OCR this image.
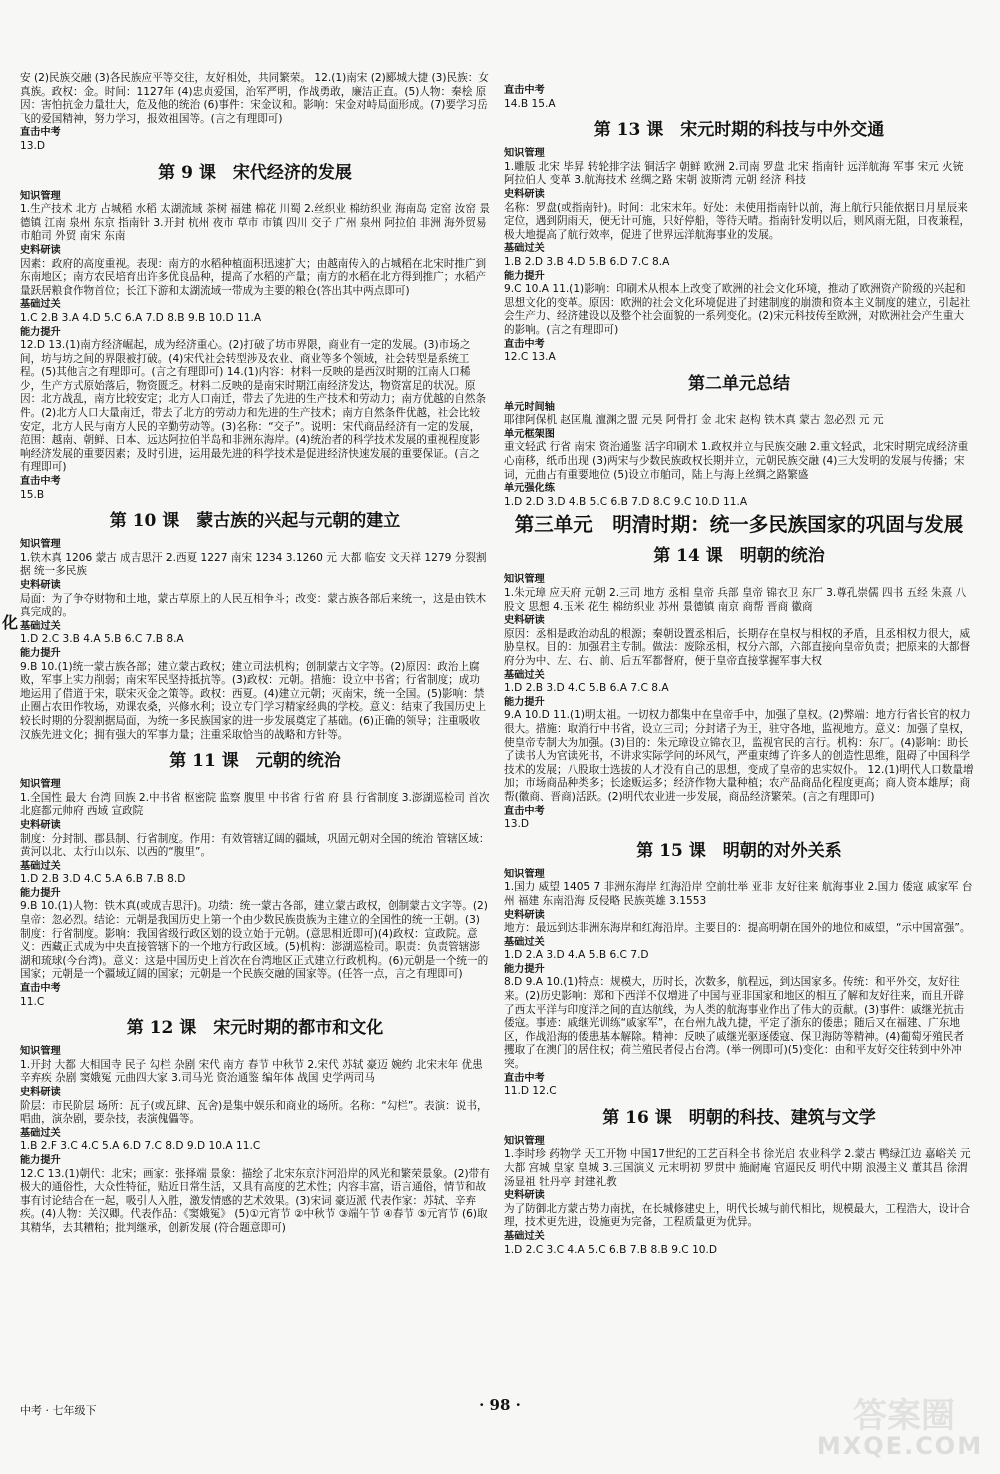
安 (2)民族交融 (3)各民族应平等交往，友好相处，共同繁荣。 12.(1)南宋 (2)郾城大捷 (3)民族：女真族。政权：金。时间：1127年 (4)忠贞爱国，治军严明，作战勇敢，廉洁正直。(5)人物：秦桧 原因：害怕抗金力量壮大，危及他的统治 (6)事件：宋金议和。影响：宋金对峙局面形成。(7)要学习岳飞的爱国精神，努力学习，报效祖国等。(言之有理即可)

直击中考

13.D

第 9 课　宋代经济的发展
知识管理

1.生产技术 北方 占城稻 水稻 太湖流域 茶树 福建 棉花 川蜀 2.丝织业 棉纺织业 海南岛 定窑 汝窑 景德镇 江南 泉州 东京 指南针 3.开封 杭州 夜市 草市 市镇 四川 交子 广州 泉州 阿拉伯 非洲 海外贸易 市舶司 外贸 南宋 东南

史料研读

因素：政府的高度重视。表现：南方的水稻种植面积迅速扩大；由越南传入的占城稻在北宋时推广到东南地区；南方农民培育出许多优良品种，提高了水稻的产量；南方的水稻在北方得到推广；水稻产量跃居粮食作物首位；长江下游和太湖流域一带成为主要的粮仓(答出其中两点即可)

基础过关

1.C 2.B 3.A 4.D 5.C 6.A 7.D 8.B 9.B 10.D 11.A

能力提升

12.D 13.(1)南方经济崛起，成为经济重心。(2)打破了坊市界限，商业有一定的发展。(3)市场之间，坊与坊之间的界限被打破。(4)宋代社会转型涉及农业、商业等多个领域，社会转型是系统工程。(5)其他言之有理即可。(言之有理即可) 14.(1)内容：材料一反映的是西汉时期的江南人口稀少，生产方式原始落后，物资匮乏。材料二反映的是南宋时期江南经济发达，物资富足的状况。原因：北方战乱，南方比较安定；北方人口南迁，带去了先进的生产技术和劳动力；南方优越的自然条件。(2)北方人口大量南迁，带去了北方的劳动力和先进的生产技术；南方自然条件优越，社会比较安定，北方人民与南方人民的辛勤劳动等。(3)名称：“交子”。说明：宋代商品经济有一定的发展，范围：越南、朝鲜、日本、远达阿拉伯半岛和非洲东海岸。(4)统治者的科学技术发展的重视程度影响经济发展的重要因素；及时引进，运用最先进的科学技术是促进经济快速发展的重要保证。(言之有理即可)

直击中考

15.B

第 10 课　蒙古族的兴起与元朝的建立
知识管理

1.铁木真 1206 蒙古 成吉思汗 2.西夏 1227 南宋 1234 3.1260 元 大都 临安 文天祥 1279 分裂割据 统一多民族

史料研读

局面：为了争夺财物和土地，蒙古草原上的人民互相争斗；改变：蒙古族各部后来统一，这是由铁木真完成的。

基础过关

1.D 2.C 3.B 4.A 5.B 6.C 7.B 8.A

能力提升

9.B 10.(1)统一蒙古族各部；建立蒙古政权；建立司法机构；创制蒙古文字等。(2)原因：政治上腐败，军事上实力削弱；南宋军民坚持抵抗等。(3)政权：元朝。措施：设立中书省；行省制度；成功地运用了借道于宋，联宋灭金之策等。政权：西夏。(4)建立元朝；灭南宋，统一全国。(5)影响：禁止圈占农田作牧场，劝课农桑，兴修水利；设立专门学习精家经典的学校。意义：结束了我国历史上较长时期的分裂割据局面，为统一多民族国家的进一步发展奠定了基础。(6)正确的领导；注重吸收汉族先进文化；拥有强大的军事力量；注重采取恰当的战略和方针等。

第 11 课　元朝的统治
知识管理

1.全国性 最大 台湾 回族 2.中书省 枢密院 监察 腹里 中书省 行省 府 县 行省制度 3.澎湖巡检司 首次 北庭都元帅府 西域 宣政院

史料研读

制度：分封制、郡县制、行省制度。作用：有效管辖辽阔的疆域，巩固元朝对全国的统治 管辖区域：黄河以北、太行山以东、以西的“腹里”。

基础过关

1.D 2.B 3.D 4.C 5.A 6.B 7.B 8.D

能力提升

9.B 10.(1)人物：铁木真(或成吉思汗)。功绩：统一蒙古各部，建立蒙古政权，创制蒙古文字等。(2)皇帝：忽必烈。结论：元朝是我国历史上第一个由少数民族贵族为主建立的全国性的统一王朝。(3)制度：行省制度。影响：我国省级行政区划的设立始于元朝。(意思相近即可)(4)政权：宣政院。意义：西藏正式成为中央直接管辖下的一个地方行政区域。(5)机构：澎湖巡检司。职责：负责管辖澎湖和琉球(今台湾)。意义：这是中国历史上首次在台湾地区正式建立行政机构。(6)元朝是一个统一的国家；元朝是一个疆域辽阔的国家；元朝是一个民族交融的国家等。(任答一点，言之有理即可)

直击中考

11.C

第 12 课　宋元时期的都市和文化
知识管理

1.开封 大都 大相国寺 民子 勾栏 杂剧 宋代 南方 春节 中秋节 2.宋代 苏轼 豪迈 婉约 北宋末年 优患 辛弃疾 杂剧 窦娥冤 元曲四大家 3.司马光 资治通鉴 编年体 战国 史学两司马

史料研读

阶层：市民阶层 场所：瓦子(或瓦肆、瓦舍)是集中娱乐和商业的场所。名称：“勾栏”。表演：说书，唱曲，演杂剧，要杂技，表演傀儡等。

基础过关

1.B 2.F 3.C 4.C 5.A 6.D 7.C 8.D 9.D 10.A 11.C

能力提升

12.C 13.(1)朝代：北宋；画家：张择端 景象：描绘了北宋东京汴河沿岸的风光和繁荣景象。(2)带有极大的通俗性，大众性特征，贴近日常生活，又具有高度的艺术性；内容丰富，语言通俗，情节和故事有讨论结合在一起，吸引人入胜，激发情感的艺术效果。(3)宋词 豪迈派 代表作家：苏轼、辛弃疾。(4)人物：关汉卿。代表作品：《窦娥冤》 (5)①元宵节 ②中秋节 ③端午节 ④春节 ⑤元宵节 (6)取其精华，去其糟粕；批判继承，创新发展 (符合题意即可)

直击中考

14.B 15.A

第 13 课　宋元时期的科技与中外交通
知识管理

1.雕版 北宋 毕昇 转轮排字法 铜活字 朝鲜 欧洲 2.司南 罗盘 北宋 指南针 远洋航海 军事 宋元 火铳 阿拉伯人 变革 3.航海技术 丝绸之路 宋朝 波斯湾 元朝 经济 科技

史料研读

名称：罗盘(或指南针)。时间：北宋末年。好处：未使用指南针以前，海上航行只能依据日月星辰来定位，遇到阴雨天，便无计可施，只好停船，等待天晴。指南针发明以后，则风雨无阻，日夜兼程，极大地提高了航行效率，促进了世界远洋航海事业的发展。

基础过关

1.B 2.D 3.B 4.D 5.B 6.D 7.C 8.A

能力提升

9.C 10.A 11.(1)影响：印刷术从根本上改变了欧洲的社会文化环境，推动了欧洲资产阶级的兴起和思想文化的变革。原因：欧洲的社会文化环境促进了封建制度的崩溃和资本主义制度的建立，引起社会生产力、经济建设以及整个社会面貌的一系列变化。(2)宋元科技传至欧洲，对欧洲社会产生重大的影响。(言之有理即可)

直击中考

12.C 13.A

第二单元总结
单元时间轴

耶律阿保机 赵匡胤 澶渊之盟 元昊 阿骨打 金 北宋 赵构 铁木真 蒙古 忽必烈 元 元

单元框架图

重文轻武 行省 南宋 资治通鉴 活字印刷术 1.政权并立与民族交融 2.重文轻武，北宋时期完成经济重心南移，纸币出现 (3)两宋与少数民族政权长期并立，元朝民族交融 (4)三大发明的发展与传播；宋词，元曲占有重要地位 (5)设立市舶司，陆上与海上丝绸之路繁盛

单元强化练

1.D 2.D 3.D 4.B 5.C 6.B 7.D 8.C 9.C 10.D 11.A

第三单元　明清时期：统一多民族国家的巩固与发展
第 14 课　明朝的统治
知识管理

1.朱元璋 应天府 元朝 2.三司 地方 丞相 皇帝 兵部 皇帝 锦衣卫 东厂 3.尊孔崇儒 四书 五经 朱熹 八股文 思想 4.玉米 花生 棉纺织业 苏州 景德镇 南京 商帮 晋商 徽商

史料研读

原因：丞相是政治动乱的根源；秦朝设置丞相后，长期存在皇权与相权的矛盾，且丞相权力很大，威胁皇权。目的：加强君主专制。做法：废除丞相，权分六部，六部直接向皇帝负责；把原来的大都督府分为中、左、右、前、后五军都督府，便于皇帝直接掌握军事大权

基础过关

1.D 2.B 3.D 4.C 5.B 6.A 7.C 8.A

能力提升

9.A 10.D 11.(1)明太祖。一切权力都集中在皇帝手中，加强了皇权。(2)弊端：地方行省长官的权力很大。措施：取消行中书省，设立三司；分封诸子为王，驻守各地，监视地方。意义：加强了皇权，使皇帝专制大为加强。(3)目的：朱元璋设立锦衣卫，监视官民的言行。机构：东厂。(4)影响：助长了读书人为官读死书，不讲求实际学问的坏风气，严重束缚了许多人的创造性思维，阻碍了中国科学技术的发展；八股取士选拔的人才没有自己的思想，变成了皇帝的忠实奴仆。 12.(1)明代人口数量增加；市场商品种类多；长途贩运多；经济作物大量种植；农产品商品化程度更高；商人资本雄厚；商帮(徽商、晋商)活跃。(2)明代农业进一步发展，商品经济繁荣。(言之有理即可)

直击中考

13.D

第 15 课　明朝的对外关系
知识管理

1.国力 威望 1405 7 非洲东海岸 红海沿岸 空前壮举 亚非 友好往来 航海事业 2.国力 倭寇 戚家军 台州 福建 东南沿海 反侵略 民族英雄 3.1553

史料研读

地方：最远到达非洲东海岸和红海沿岸。主要目的：提高明朝在国外的地位和威望，“示中国富强”。

基础过关

1.D 2.A 3.D 4.A 5.B 6.C 7.D

能力提升

8.D 9.A 10.(1)特点：规模大，历时长，次数多，航程远，到达国家多。传统：和平外交，友好往来。(2)历史影响：郑和下西洋不仅增进了中国与亚非国家和地区的相互了解和友好往来，而且开辟了西太平洋与印度洋之间的直达航线，为人类的航海事业作出了伟大的贡献。(3)事件：戚继光抗击倭寇。事迹：戚继光训练“戚家军”，在台州九战九捷，平定了浙东的倭患；随后又在福建、广东地区，作战沿海的倭患基本解除。精神：反映了戚继光驱逐倭寇、保卫海防等精神。(4)葡萄牙殖民者攫取了在澳门的居住权；荷兰殖民者侵占台湾。(举一例即可)(5)变化：由和平友好交往转到中外冲突。

直击中考

11.D 12.C

第 16 课　明朝的科技、建筑与文学
知识管理

1.李时珍 药物学 天工开物 中国17世纪的工艺百科全书 徐光启 农业科学 2.蒙古 鸭绿江边 嘉峪关 元大都 宫城 皇家 皇城 3.三国演义 元末明初 罗贯中 施耐庵 官逼民反 明代中期 浪漫主义 董其昌 徐渭 汤显祖 牡丹亭 封建礼教

史料研读

为了防御北方蒙古势力南扰，在长城修建史上，明代长城与前代相比，规模最大，工程浩大，设计合理，技术更先进，设施更为完备，工程质量更为优异。

基础过关

1.D 2.C 3.C 4.A 5.C 6.B 7.B 8.B 9.C 10.D

化
中考 · 七年级下	· 98 ·	答案圈
MXQE.COM
